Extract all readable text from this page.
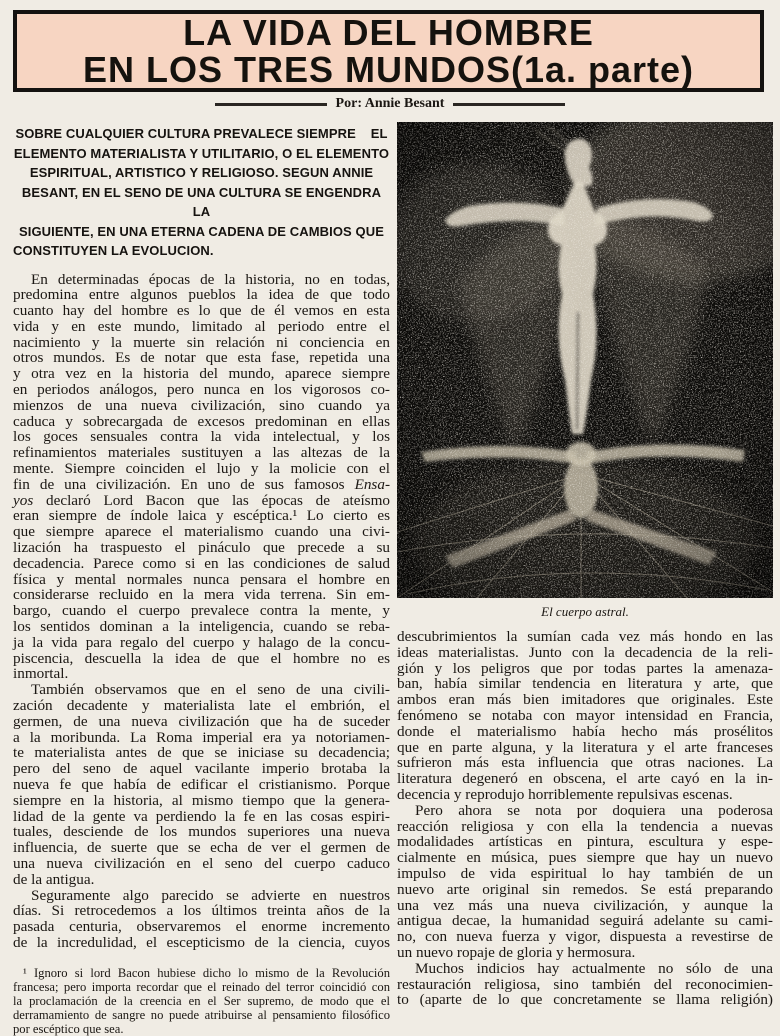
LA VIDA DEL HOMBRE
EN LOS TRES MUNDOS(1a. parte)
Por: Annie Besant
SOBRE CUALQUIER CULTURA PREVALECE SIEMPRE    EL
ELEMENTO MATERIALISTA Y UTILITARIO, O EL ELEMENTO
ESPIRITUAL, ARTISTICO Y RELIGIOSO. SEGUN ANNIE
BESANT, EN EL SENO DE UNA CULTURA SE ENGENDRA LA
SIGUIENTE, EN UNA ETERNA CADENA DE CAMBIOS QUE
CONSTITUYEN LA EVOLUCION.
En determinadas épocas de la historia, no en todas,
predomina entre algunos pueblos la idea de que todo
cuanto hay del hombre es lo que de él vemos en esta
vida y en este mundo, limitado al periodo entre el
nacimiento y la muerte sin relación ni conciencia en
otros mundos. Es de notar que esta fase, repetida una
y otra vez en la historia del mundo, aparece siempre
en periodos análogos, pero nunca en los vigorosos co-
mienzos de una nueva civilización, sino cuando ya
caduca y sobrecargada de excesos predominan en ellas
los goces sensuales contra la vida intelectual, y los
refinamientos materiales sustituyen a las altezas de la
mente. Siempre coinciden el lujo y la molicie con el
fin de una civilización. En uno de sus famosos Ensa-
yos declaró Lord Bacon que las épocas de ateísmo
eran siempre de índole laica y escéptica.¹ Lo cierto es
que siempre aparece el materialismo cuando una civi-
lización ha traspuesto el pináculo que precede a su
decadencia. Parece como si en las condiciones de salud
física y mental normales nunca pensara el hombre en
considerarse recluido en la mera vida terrena. Sin em-
bargo, cuando el cuerpo prevalece contra la mente, y
los sentidos dominan a la inteligencia, cuando se reba-
ja la vida para regalo del cuerpo y halago de la concu-
piscencia, descuella la idea de que el hombre no es
inmortal.
También observamos que en el seno de una civili-
zación decadente y materialista late el embrión, el
germen, de una nueva civilización que ha de suceder
a la moribunda. La Roma imperial era ya notoriamen-
te materialista antes de que se iniciase su decadencia;
pero del seno de aquel vacilante imperio brotaba la
nueva fe que había de edificar el cristianismo. Porque
siempre en la historia, al mismo tiempo que la genera-
lidad de la gente va perdiendo la fe en las cosas espiri-
tuales, desciende de los mundos superiores una nueva
influencia, de suerte que se echa de ver el germen de
una nueva civilización en el seno del cuerpo caduco
de la antigua.
Seguramente algo parecido se advierte en nuestros
días. Si retrocedemos a los últimos treinta años de la
pasada centuria, observaremos el enorme incremento
de la incredulidad, el escepticismo de la ciencia, cuyos
¹ Ignoro si lord Bacon hubiese dicho lo mismo de la Revolución
francesa; pero importa recordar que el reinado del terror coincidió con
la proclamación de la creencia en el Ser supremo, de modo que el
derramamiento de sangre no puede atribuirse al pensamiento filosófico
por escéptico que sea.
El cuerpo astral.
descubrimientos la sumían cada vez más hondo en las
ideas materialistas. Junto con la decadencia de la reli-
gión y los peligros que por todas partes la amenaza-
ban, había similar tendencia en literatura y arte, que
ambos eran más bien imitadores que originales. Este
fenómeno se notaba con mayor intensidad en Francia,
donde el materialismo había hecho más prosélitos
que en parte alguna, y la literatura y el arte franceses
sufrieron más esta influencia que otras naciones. La
literatura degeneró en obscena, el arte cayó en la in-
decencia y reprodujo horriblemente repulsivas escenas.
Pero ahora se nota por doquiera una poderosa
reacción religiosa y con ella la tendencia a nuevas
modalidades artísticas en pintura, escultura y espe-
cialmente en música, pues siempre que hay un nuevo
impulso de vida espiritual lo hay también de un
nuevo arte original sin remedos. Se está preparando
una vez más una nueva civilización, y aunque la
antigua decae, la humanidad seguirá adelante su cami-
no, con nueva fuerza y vigor, dispuesta a revestirse de
un nuevo ropaje de gloria y hermosura.
Muchos indicios hay actualmente no sólo de una
restauración religiosa, sino también del reconocimien-
to (aparte de lo que concretamente se llama religión)
